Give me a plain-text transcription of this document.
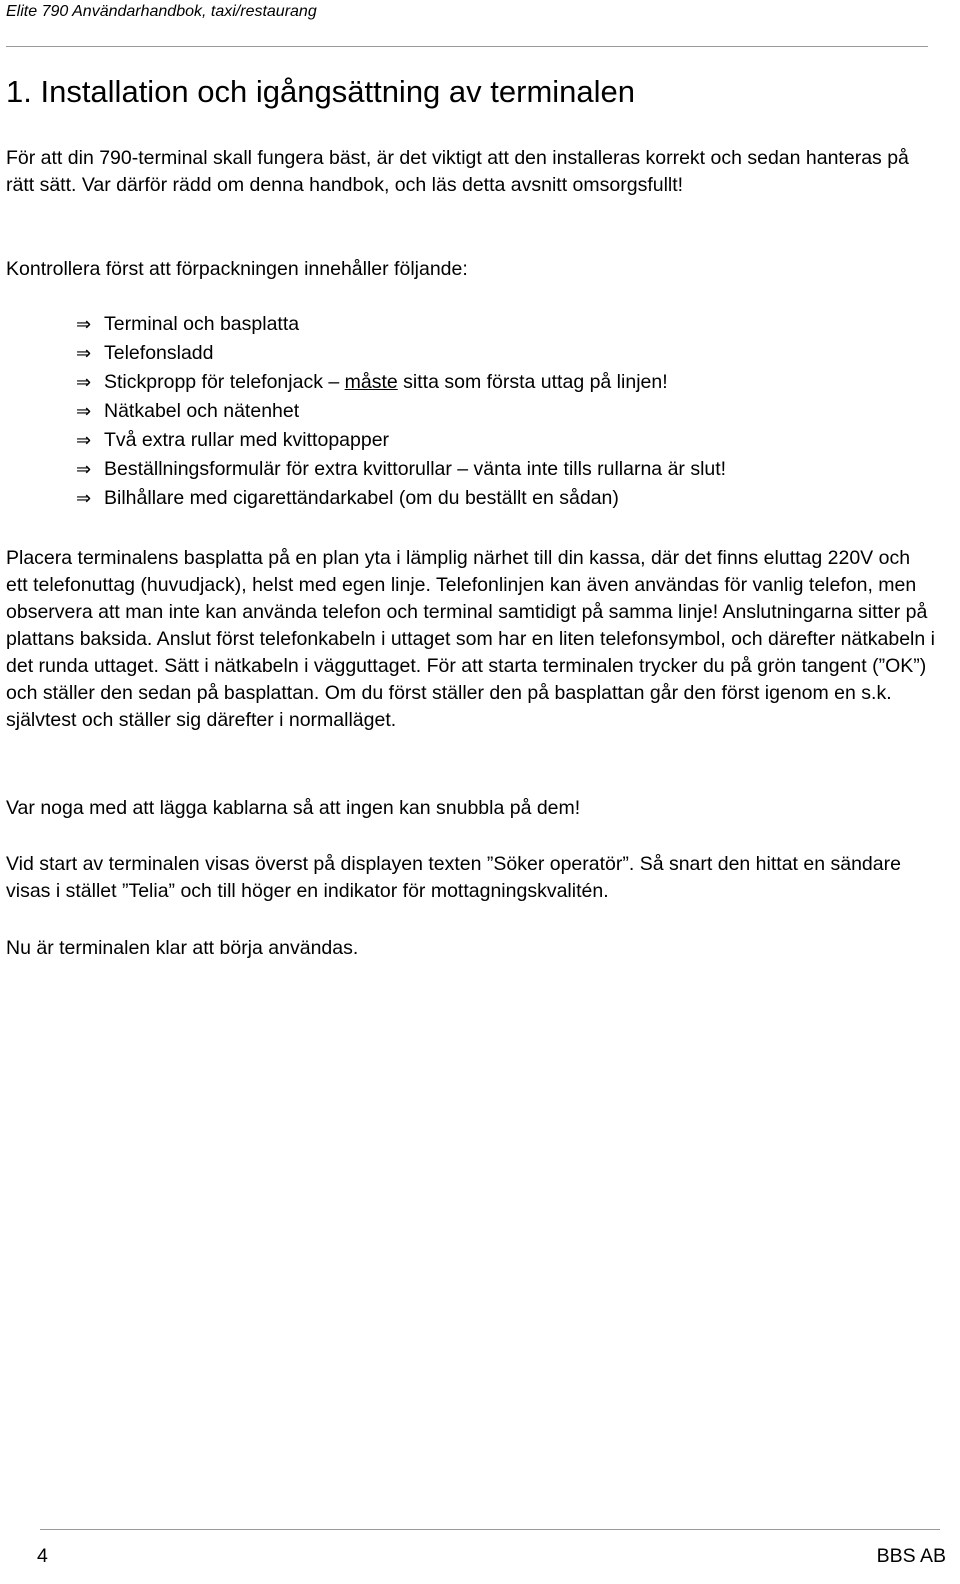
Elite 790 Användarhandbok, taxi/restaurang
1. Installation och igångsättning av terminalen

För att din 790-terminal skall fungera bäst, är det viktigt att den installeras korrekt och sedan hanteras på rätt sätt. Var därför rädd om denna handbok, och läs detta avsnitt omsorgsfullt!

Kontrollera först att förpackningen innehåller följande:

⇒ Terminal och basplatta
⇒ Telefonsladd
⇒ Stickpropp för telefonjack – måste sitta som första uttag på linjen!
⇒ Nätkabel och nätenhet
⇒ Två extra rullar med kvittopapper
⇒ Beställningsformulär för extra kvittorullar – vänta inte tills rullarna är slut!
⇒ Bilhållare med cigarettändarkabel (om du beställt en sådan)

Placera terminalens basplatta på en plan yta i lämplig närhet till din kassa, där det finns eluttag 220V och ett telefonuttag (huvudjack), helst med egen linje. Telefonlinjen kan även användas för vanlig telefon, men observera att man inte kan använda telefon och terminal samtidigt på samma linje! Anslutningarna sitter på plattans baksida. Anslut först telefonkabeln i uttaget som har en liten telefonsymbol, och därefter nätkabeln i det runda uttaget. Sätt i nätkabeln i vägguttaget. För att starta terminalen trycker du på grön tangent (”OK”) och ställer den sedan på basplattan. Om du först ställer den på basplattan går den först igenom en s.k. självtest och ställer sig därefter i normalläget.

Var noga med att lägga kablarna så att ingen kan snubbla på dem!

Vid start av terminalen visas överst på displayen texten ”Söker operatör”. Så snart den hittat en sändare visas i stället ”Telia” och till höger en indikator för mottagningskvalitén.

Nu är terminalen klar att börja användas.

4	BBS AB
